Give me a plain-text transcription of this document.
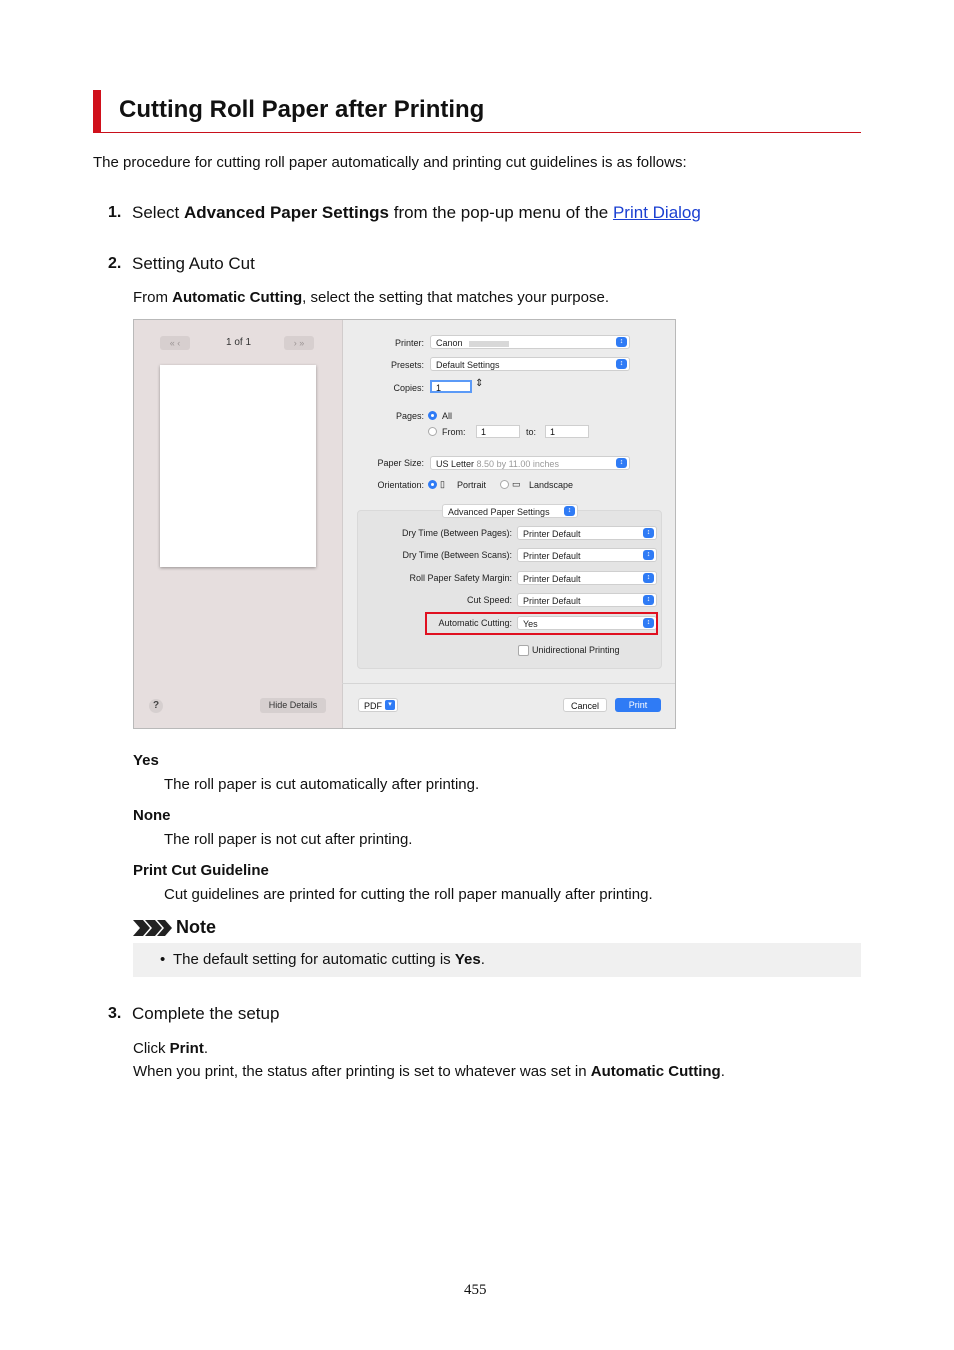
Cutting Roll Paper after Printing
The procedure for cutting roll paper automatically and printing cut guidelines is as follows:
1. Select Advanced Paper Settings from the pop-up menu of the Print Dialog
2. Setting Auto Cut
From Automatic Cutting, select the setting that matches your purpose.
« ‹	1 of 1	› »
?	Hide Details
Printer:	Canon	↕
Presets:	Default Settings	↕
Copies:	1	⇕
Pages: All
From:	1	to:	1
Paper Size:	US Letter 8.50 by 11.00 inches	↕
Orientation: ▯ Portrait	▭ Landscape
Advanced Paper Settings	↕
Dry Time (Between Pages):	Printer Default	↕
Dry Time (Between Scans):	Printer Default	↕
Roll Paper Safety Margin:	Printer Default	↕
Cut Speed:	Printer Default	↕
Automatic Cutting:	Yes	↕
Unidirectional Printing
PDF ▾	Cancel	Print
Yes
The roll paper is cut automatically after printing.
None
The roll paper is not cut after printing.
Print Cut Guideline
Cut guidelines are printed for cutting the roll paper manually after printing.
Note
• The default setting for automatic cutting is Yes.
3. Complete the setup
Click Print.
When you print, the status after printing is set to whatever was set in Automatic Cutting.
455
